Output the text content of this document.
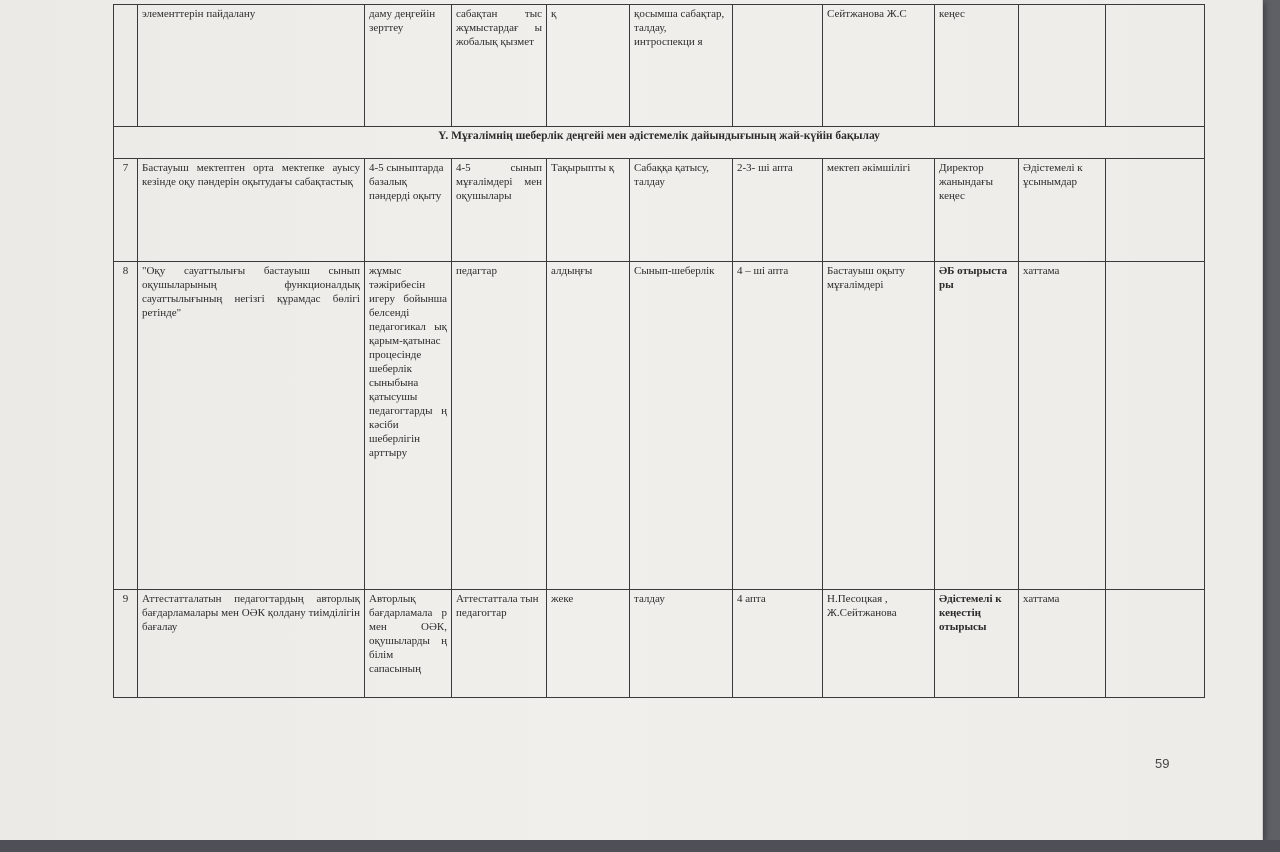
	элементтерін пайдалану	даму деңгейін зерттеу	сабақтан тыс жұмыстардағ ы жобалық қызмет	қ	қосымша сабақтар, талдау, интроспекци я		Сейтжанова Ж.С	кеңес		
Y. Мұғалімнің шеберлік деңгейі мен әдістемелік дайындығының жай-күйін бақылау										
7	Бастауыш мектептен орта мектепке ауысу кезінде оқу пәндерін оқытудағы сабақтастық	4-5 сыныптарда базалық пәндерді оқыту	4-5 сынып мұғалімдері мен оқушылары	Тақырыпты қ	Сабаққа қатысу, талдау	2-3- ші апта	мектеп әкімшілігі	Директор жанындағы кеңес	Әдістемелі к ұсынымдар	
8	"Оқу сауаттылығы бастауыш сынып оқушыларының функционалдық сауаттылығының негізгі құрамдас бөлігі ретінде"	жұмыс тәжірибесін игеру бойынша белсенді педагогикал ық қарым-қатынас процесінде шеберлік сыныбына қатысушы педагогтарды ң кәсіби шеберлігін арттыру	педагтар	алдыңғы	Сынып-шеберлік	4 – ші апта	Бастауыш оқыту мұғалімдері	ӘБ отырыста ры	хаттама	
9	Аттестатталатын педагогтардың авторлық бағдарламалары мен ОӘК қолдану тиімділігін бағалау	Авторлық бағдарламала р мен ОӘК, оқушыларды ң білім сапасының	Аттестаттала тын педагогтар	жеке	талдау	4 апта	Н.Песоцкая , Ж.Сейтжанова	Әдістемелі к кеңестің отырысы	хаттама	
59
